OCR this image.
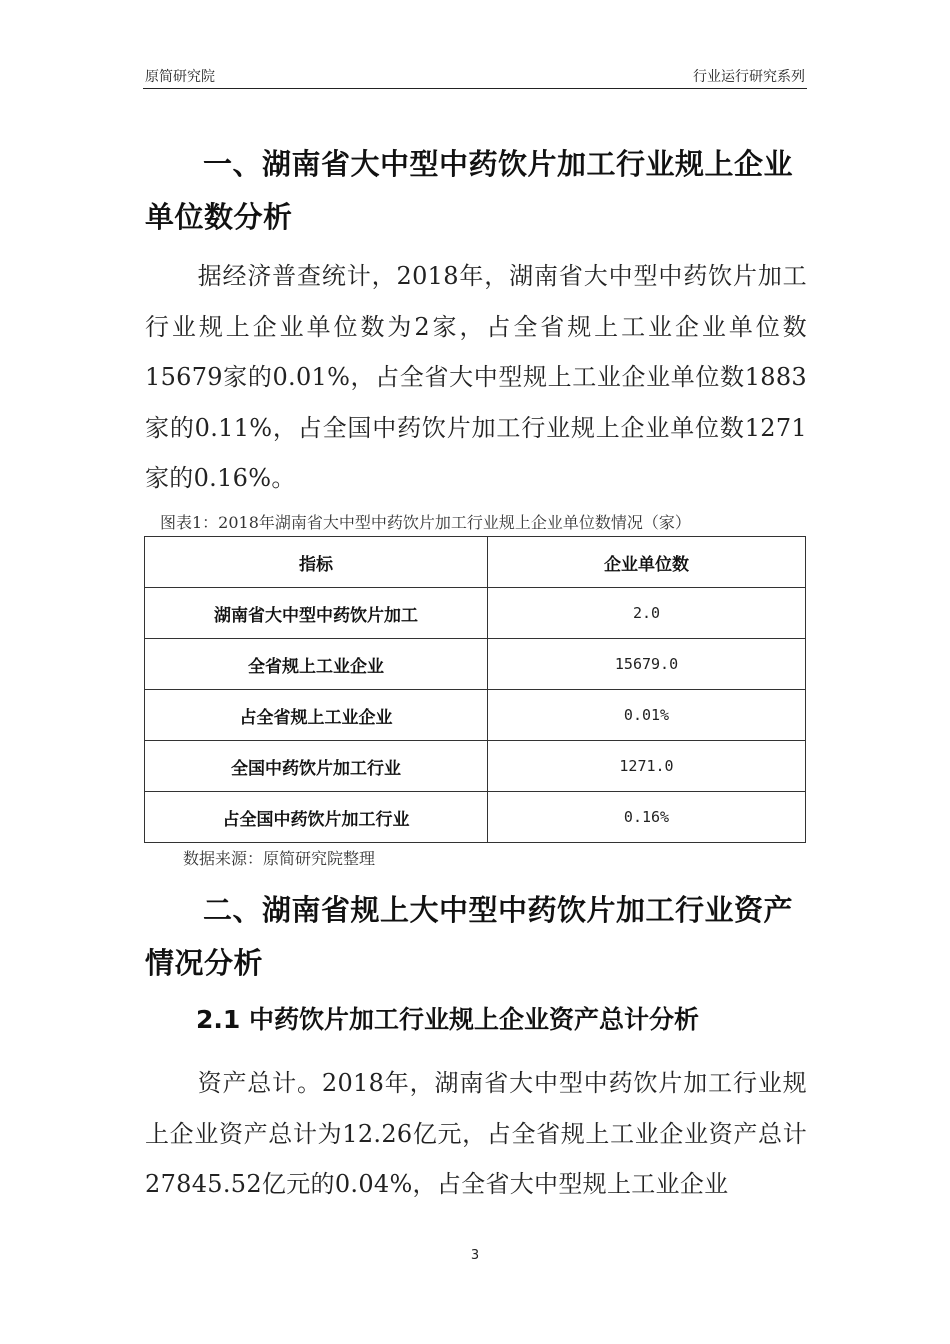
原简研究院	行业运行研究系列
一、湖南省大中型中药饮片加工行业规上企业单位数分析
据经济普查统计，2018年，湖南省大中型中药饮片加工行业规上企业单位数为2家，占全省规上工业企业单位数15679家的0.01%，占全省大中型规上工业企业单位数1883家的0.11%，占全国中药饮片加工行业规上企业单位数1271家的0.16%。
图表1：2018年湖南省大中型中药饮片加工行业规上企业单位数情况（家）
指标	企业单位数
湖南省大中型中药饮片加工	2.0
全省规上工业企业	15679.0
占全省规上工业企业	0.01%
全国中药饮片加工行业	1271.0
占全国中药饮片加工行业	0.16%
数据来源：原简研究院整理
二、湖南省规上大中型中药饮片加工行业资产情况分析
2.1 中药饮片加工行业规上企业资产总计分析
资产总计。2018年，湖南省大中型中药饮片加工行业规上企业资产总计为12.26亿元，占全省规上工业企业资产总计27845.52亿元的0.04%，占全省大中型规上工业企业
3
